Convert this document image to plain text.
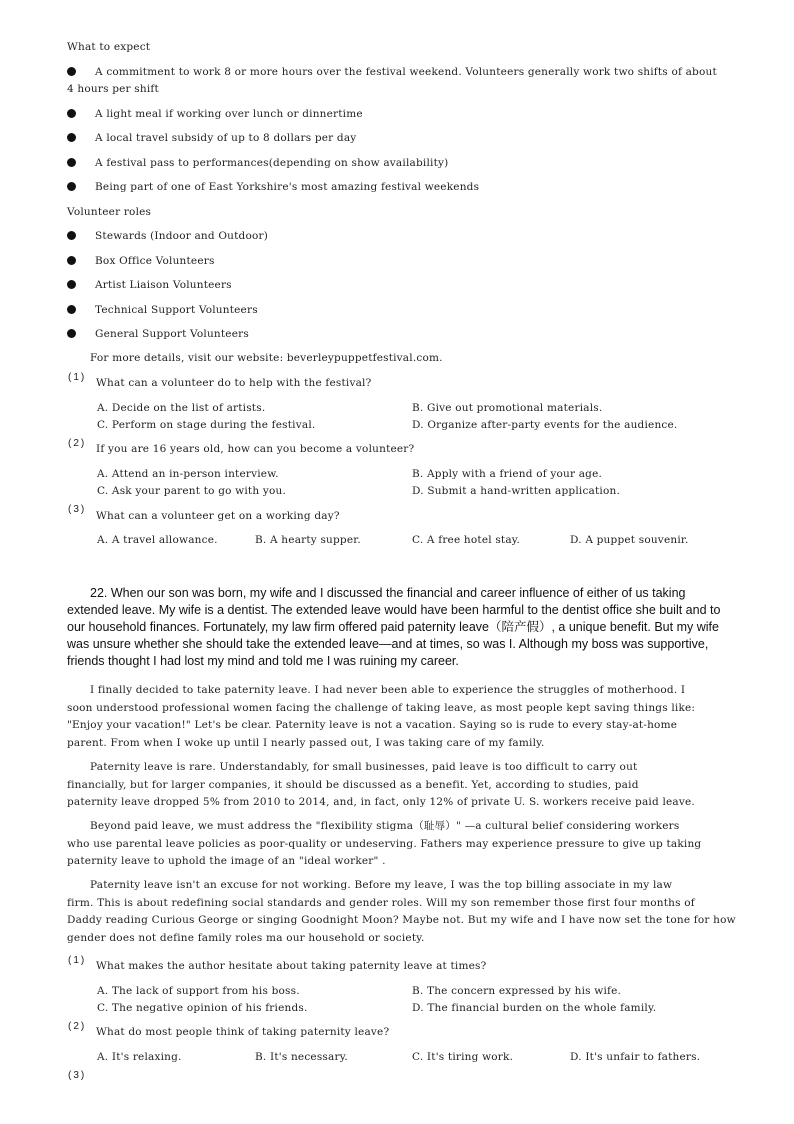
What to expect
A commitment to work 8 or more hours over the festival weekend. Volunteers generally work two shifts of about
4 hours per shift
A light meal if working over lunch or dinnertime
A local travel subsidy of up to 8 dollars per day
A festival pass to performances(depending on show availability)
Being part of one of East Yorkshire's most amazing festival weekends
Volunteer roles
Stewards (Indoor and Outdoor)
Box Office Volunteers
Artist Liaison Volunteers
Technical Support Volunteers
General Support Volunteers
For more details, visit our website: beverleypuppetfestival.com.
(1) What can a volunteer do to help with the festival?
A. Decide on the list of artists.	B. Give out promotional materials.
C. Perform on stage during the festival.	D. Organize after-party events for the audience.
(2) If you are 16 years old, how can you become a volunteer?
A. Attend an in-person interview.	B. Apply with a friend of your age.
C. Ask your parent to go with you.	D. Submit a hand-written application.
(3)
What can a volunteer get on a working day?
A. A travel allowance.	B. A hearty supper.	C. A free hotel stay.	D. A puppet souvenir.
22. When our son was born, my wife and I discussed the financial and career influence of either of us taking
extended leave. My wife is a dentist. The extended leave would have been harmful to the dentist office she built and to
our household finances. Fortunately, my law firm offered paid paternity leave（陪产假）, a unique benefit. But my wife
was unsure whether she should take the extended leave—and at times, so was I. Although my boss was supportive,
friends thought I had lost my mind and told me I was ruining my career.
I finally decided to take paternity leave. I had never been able to experience the struggles of motherhood. I
soon understood professional women facing the challenge of taking leave, as most people kept saving things like:
"Enjoy your vacation!" Let's be clear. Paternity leave is not a vacation. Saying so is rude to every stay-at-home
parent. From when I woke up until I nearly passed out, I was taking care of my family.
Paternity leave is rare. Understandably, for small businesses, paid leave is too difficult to carry out
financially, but for larger companies, it should be discussed as a benefit. Yet, according to studies, paid
paternity leave dropped 5% from 2010 to 2014, and, in fact, only 12% of private U. S. workers receive paid leave.
Beyond paid leave, we must address the "flexibility stigma（耻辱）" —a cultural belief considering workers
who use parental leave policies as poor-quality or undeserving. Fathers may experience pressure to give up taking
paternity leave to uphold the image of an "ideal worker" .
Paternity leave isn't an excuse for not working. Before my leave, I was the top billing associate in my law
firm. This is about redefining social standards and gender roles. Will my son remember those first four months of
Daddy reading Curious George or singing Goodnight Moon? Maybe not. But my wife and I have now set the tone for how
gender does not define family roles ma our household or society.
(1) What makes the author hesitate about taking paternity leave at times?
A. The lack of support from his boss.	B. The concern expressed by his wife.
C. The negative opinion of his friends.	D. The financial burden on the whole family.
(2) What do most people think of taking paternity leave?
A. It's relaxing.	B. It's necessary.	C. It's tiring work.	D. It's unfair to fathers.
(3)
